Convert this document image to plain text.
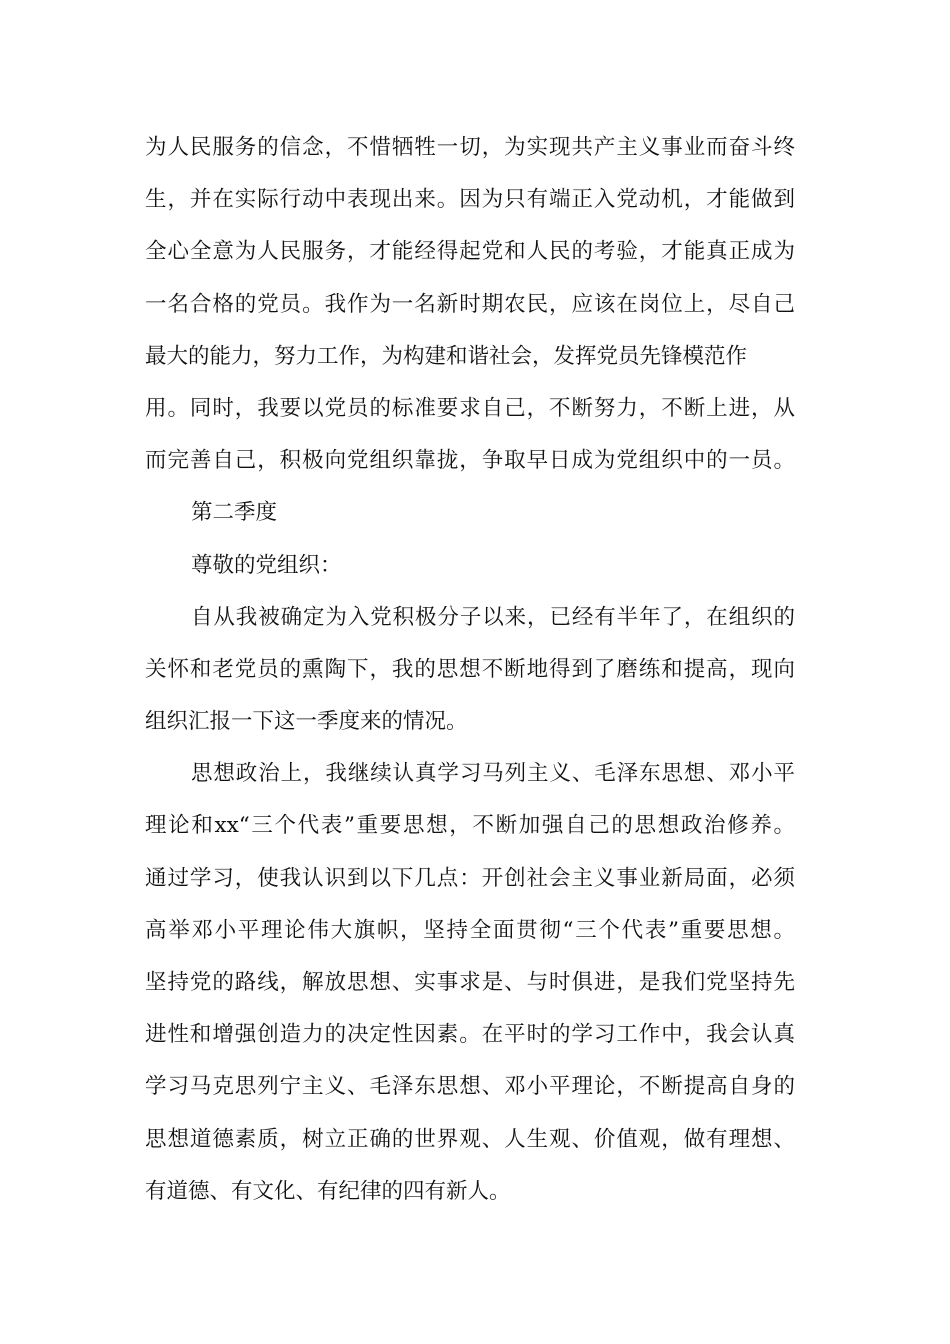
为人民服务的信念，不惜牺牲一切，为实现共产主义事业而奋斗终
生，并在实际行动中表现出来。因为只有端正入党动机，才能做到
全心全意为人民服务，才能经得起党和人民的考验，才能真正成为
一名合格的党员。我作为一名新时期农民，应该在岗位上，尽自己
最大的能力，努力工作，为构建和谐社会，发挥党员先锋模范作
用。同时，我要以党员的标准要求自己，不断努力，不断上进，从
而完善自己，积极向党组织靠拢，争取早日成为党组织中的一员。
第二季度
尊敬的党组织：
自从我被确定为入党积极分子以来，已经有半年了，在组织的
关怀和老党员的熏陶下，我的思想不断地得到了磨练和提高，现向
组织汇报一下这一季度来的情况。
思想政治上，我继续认真学习马列主义、毛泽东思想、邓小平
理论和xx“三个代表”重要思想，不断加强自己的思想政治修养。
通过学习，使我认识到以下几点：开创社会主义事业新局面，必须
高举邓小平理论伟大旗帜，坚持全面贯彻“三个代表”重要思想。
坚持党的路线，解放思想、实事求是、与时俱进，是我们党坚持先
进性和增强创造力的决定性因素。在平时的学习工作中，我会认真
学习马克思列宁主义、毛泽东思想、邓小平理论，不断提高自身的
思想道德素质，树立正确的世界观、人生观、价值观，做有理想、
有道德、有文化、有纪律的四有新人。
